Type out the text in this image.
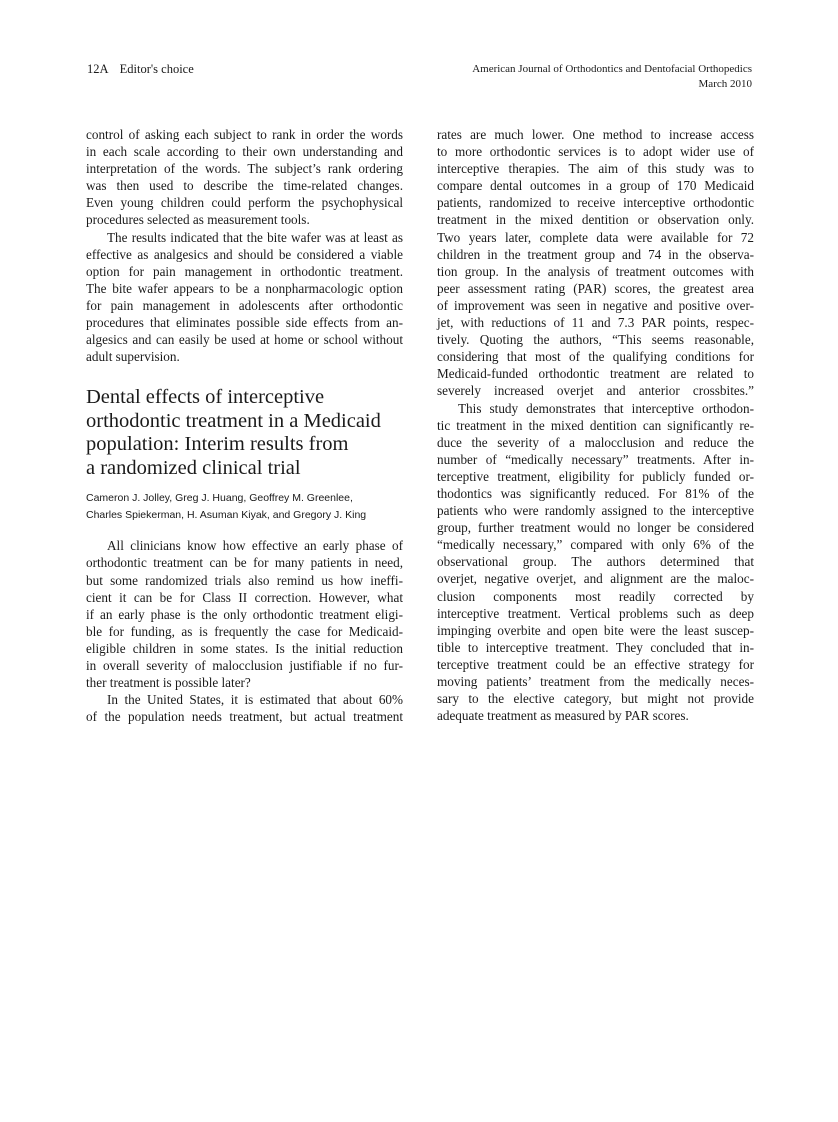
12A Editor's choice	American Journal of Orthodontics and Dentofacial Orthopedics
March 2010
control of asking each subject to rank in order the words
in each scale according to their own understanding and
interpretation of the words. The subject’s rank ordering
was then used to describe the time-related changes.
Even young children could perform the psychophysical
procedures selected as measurement tools.
The results indicated that the bite wafer was at least as
effective as analgesics and should be considered a viable
option for pain management in orthodontic treatment.
The bite wafer appears to be a nonpharmacologic option
for pain management in adolescents after orthodontic
procedures that eliminates possible side effects from an-
algesics and can easily be used at home or school without
adult supervision.
Dental effects of interceptive
orthodontic treatment in a Medicaid
population: Interim results from
a randomized clinical trial
Cameron J. Jolley, Greg J. Huang, Geoffrey M. Greenlee,
Charles Spiekerman, H. Asuman Kiyak, and Gregory J. King
All clinicians know how effective an early phase of
orthodontic treatment can be for many patients in need,
but some randomized trials also remind us how ineffi-
cient it can be for Class II correction. However, what
if an early phase is the only orthodontic treatment eligi-
ble for funding, as is frequently the case for Medicaid-
eligible children in some states. Is the initial reduction
in overall severity of malocclusion justifiable if no fur-
ther treatment is possible later?
In the United States, it is estimated that about 60%
of the population needs treatment, but actual treatment
rates are much lower. One method to increase access
to more orthodontic services is to adopt wider use of
interceptive therapies. The aim of this study was to
compare dental outcomes in a group of 170 Medicaid
patients, randomized to receive interceptive orthodontic
treatment in the mixed dentition or observation only.
Two years later, complete data were available for 72
children in the treatment group and 74 in the observa-
tion group. In the analysis of treatment outcomes with
peer assessment rating (PAR) scores, the greatest area
of improvement was seen in negative and positive over-
jet, with reductions of 11 and 7.3 PAR points, respec-
tively. Quoting the authors, “This seems reasonable,
considering that most of the qualifying conditions for
Medicaid-funded orthodontic treatment are related to
severely increased overjet and anterior crossbites.”
This study demonstrates that interceptive orthodon-
tic treatment in the mixed dentition can significantly re-
duce the severity of a malocclusion and reduce the
number of “medically necessary” treatments. After in-
terceptive treatment, eligibility for publicly funded or-
thodontics was significantly reduced. For 81% of the
patients who were randomly assigned to the interceptive
group, further treatment would no longer be considered
“medically necessary,” compared with only 6% of the
observational group. The authors determined that
overjet, negative overjet, and alignment are the maloc-
clusion components most readily corrected by
interceptive treatment. Vertical problems such as deep
impinging overbite and open bite were the least suscep-
tible to interceptive treatment. They concluded that in-
terceptive treatment could be an effective strategy for
moving patients’ treatment from the medically neces-
sary to the elective category, but might not provide
adequate treatment as measured by PAR scores.
